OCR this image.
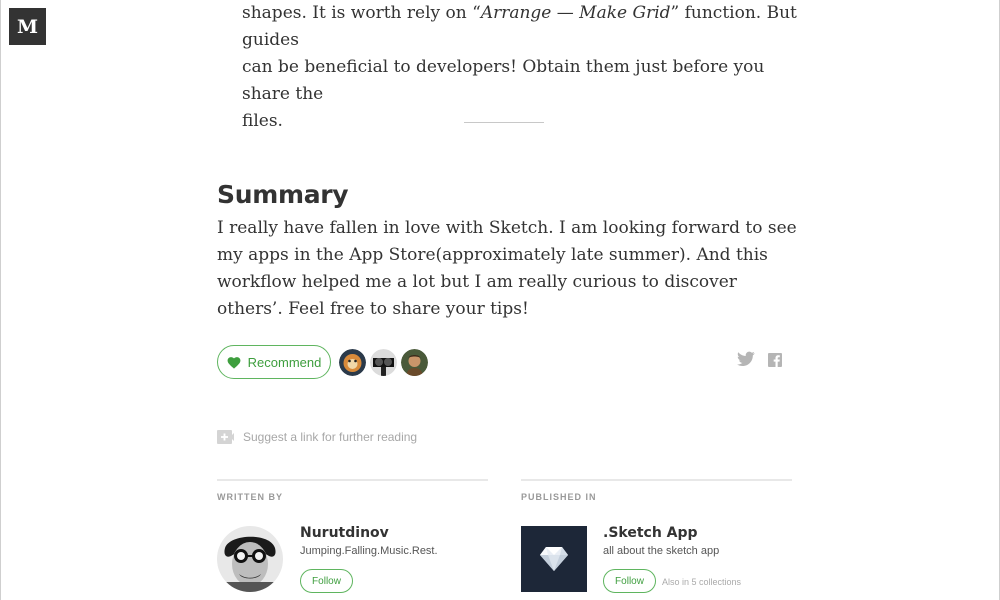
M

shapes. It is worth rely on “Arrange — Make Grid” function. But guides

can be beneficial to developers! Obtain them just before you share the

files.

Summary

I really have fallen in love with Sketch. I am looking forward to see my apps in the App Store(approximately late summer). And this workflow helped me a lot but I am really curious to discover others’. Feel free to share your tips!

Recommend
Suggest a link for further reading
WRITTEN BY	PUBLISHED IN
Nurutdinov
Jumping.Falling.Music.Rest.
Follow
.Sketch App
all about the sketch app
Follow	Also in 5 collections
